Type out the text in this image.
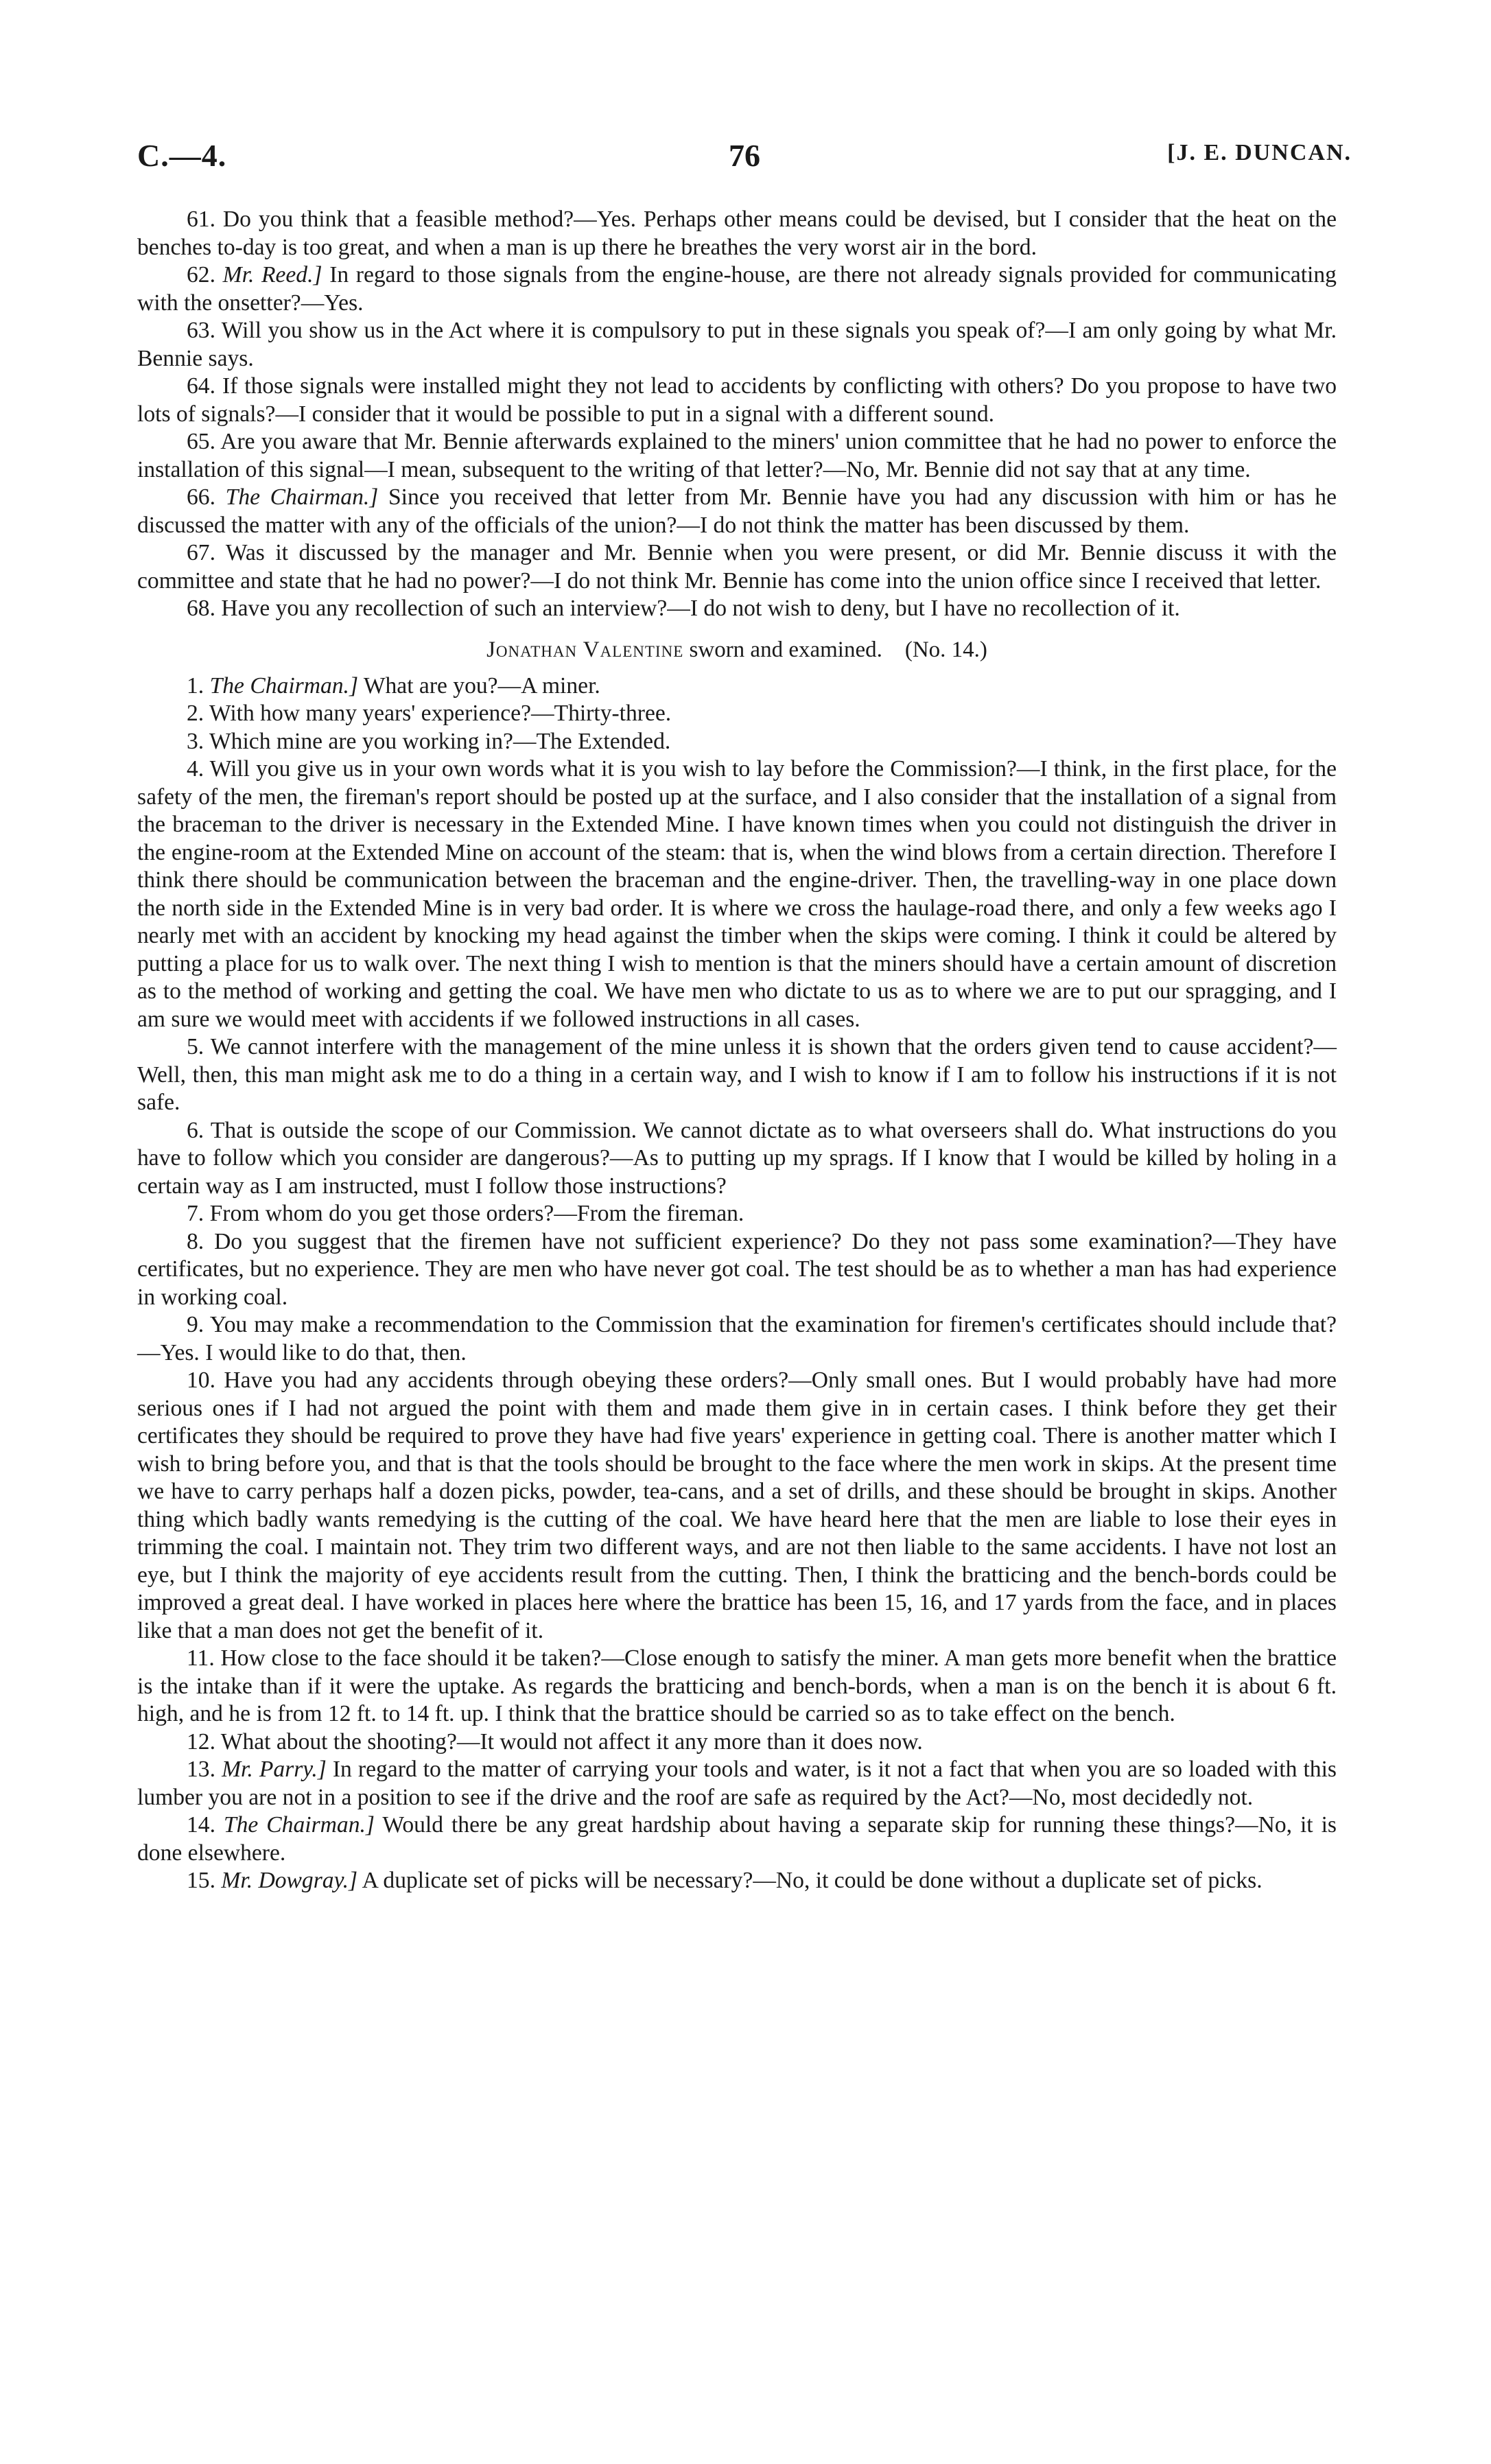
C.—4.	76	[J. E. DUNCAN.

61. Do you think that a feasible method?—Yes. Perhaps other means could be devised, but I consider that the heat on the benches to-day is too great, and when a man is up there he breathes the very worst air in the bord.

62. Mr. Reed.] In regard to those signals from the engine-house, are there not already signals provided for communicating with the onsetter?—Yes.

63. Will you show us in the Act where it is compulsory to put in these signals you speak of?—I am only going by what Mr. Bennie says.

64. If those signals were installed might they not lead to accidents by conflicting with others? Do you propose to have two lots of signals?—I consider that it would be possible to put in a signal with a different sound.

65. Are you aware that Mr. Bennie afterwards explained to the miners' union committee that he had no power to enforce the installation of this signal—I mean, subsequent to the writing of that letter?—No, Mr. Bennie did not say that at any time.

66. The Chairman.] Since you received that letter from Mr. Bennie have you had any discussion with him or has he discussed the matter with any of the officials of the union?—I do not think the matter has been discussed by them.

67. Was it discussed by the manager and Mr. Bennie when you were present, or did Mr. Bennie discuss it with the committee and state that he had no power?—I do not think Mr. Bennie has come into the union office since I received that letter.

68. Have you any recollection of such an interview?—I do not wish to deny, but I have no recollection of it.

Jonathan Valentine sworn and examined. (No. 14.)

1. The Chairman.] What are you?—A miner.

2. With how many years' experience?—Thirty-three.

3. Which mine are you working in?—The Extended.

4. Will you give us in your own words what it is you wish to lay before the Commission?—I think, in the first place, for the safety of the men, the fireman's report should be posted up at the surface, and I also consider that the installation of a signal from the braceman to the driver is necessary in the Extended Mine. I have known times when you could not distinguish the driver in the engine-room at the Extended Mine on account of the steam: that is, when the wind blows from a certain direction. Therefore I think there should be communication between the braceman and the engine-driver. Then, the travelling-way in one place down the north side in the Extended Mine is in very bad order. It is where we cross the haulage-road there, and only a few weeks ago I nearly met with an accident by knocking my head against the timber when the skips were coming. I think it could be altered by putting a place for us to walk over. The next thing I wish to mention is that the miners should have a certain amount of discretion as to the method of working and getting the coal. We have men who dictate to us as to where we are to put our spragging, and I am sure we would meet with accidents if we followed instructions in all cases.

5. We cannot interfere with the management of the mine unless it is shown that the orders given tend to cause accident?—Well, then, this man might ask me to do a thing in a certain way, and I wish to know if I am to follow his instructions if it is not safe.

6. That is outside the scope of our Commission. We cannot dictate as to what overseers shall do. What instructions do you have to follow which you consider are dangerous?—As to putting up my sprags. If I know that I would be killed by holing in a certain way as I am instructed, must I follow those instructions?

7. From whom do you get those orders?—From the fireman.

8. Do you suggest that the firemen have not sufficient experience? Do they not pass some examination?—They have certificates, but no experience. They are men who have never got coal. The test should be as to whether a man has had experience in working coal.

9. You may make a recommendation to the Commission that the examination for firemen's certificates should include that?—Yes. I would like to do that, then.

10. Have you had any accidents through obeying these orders?—Only small ones. But I would probably have had more serious ones if I had not argued the point with them and made them give in in certain cases. I think before they get their certificates they should be required to prove they have had five years' experience in getting coal. There is another matter which I wish to bring before you, and that is that the tools should be brought to the face where the men work in skips. At the present time we have to carry perhaps half a dozen picks, powder, tea-cans, and a set of drills, and these should be brought in skips. Another thing which badly wants remedying is the cutting of the coal. We have heard here that the men are liable to lose their eyes in trimming the coal. I maintain not. They trim two different ways, and are not then liable to the same accidents. I have not lost an eye, but I think the majority of eye accidents result from the cutting. Then, I think the bratticing and the bench-bords could be improved a great deal. I have worked in places here where the brattice has been 15, 16, and 17 yards from the face, and in places like that a man does not get the benefit of it.

11. How close to the face should it be taken?—Close enough to satisfy the miner. A man gets more benefit when the brattice is the intake than if it were the uptake. As regards the bratticing and bench-bords, when a man is on the bench it is about 6 ft. high, and he is from 12 ft. to 14 ft. up. I think that the brattice should be carried so as to take effect on the bench.

12. What about the shooting?—It would not affect it any more than it does now.

13. Mr. Parry.] In regard to the matter of carrying your tools and water, is it not a fact that when you are so loaded with this lumber you are not in a position to see if the drive and the roof are safe as required by the Act?—No, most decidedly not.

14. The Chairman.] Would there be any great hardship about having a separate skip for running these things?—No, it is done elsewhere.

15. Mr. Dowgray.] A duplicate set of picks will be necessary?—No, it could be done without a duplicate set of picks.
